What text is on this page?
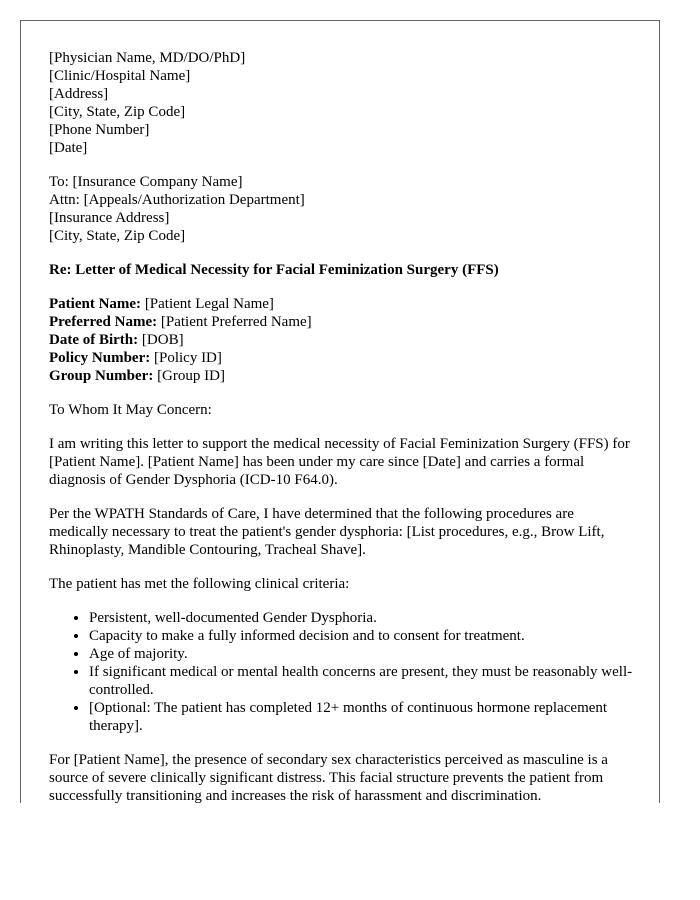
[Physician Name, MD/DO/PhD]
[Clinic/Hospital Name]
[Address]
[City, State, Zip Code]
[Phone Number]
[Date]
To: [Insurance Company Name]
Attn: [Appeals/Authorization Department]
[Insurance Address]
[City, State, Zip Code]
Re: Letter of Medical Necessity for Facial Feminization Surgery (FFS)
Patient Name: [Patient Legal Name]
Preferred Name: [Patient Preferred Name]
Date of Birth: [DOB]
Policy Number: [Policy ID]
Group Number: [Group ID]

To Whom It May Concern:

I am writing this letter to support the medical necessity of Facial Feminization Surgery (FFS) for [Patient Name]. [Patient Name] has been under my care since [Date] and carries a formal diagnosis of Gender Dysphoria (ICD-10 F64.0).

Per the WPATH Standards of Care, I have determined that the following procedures are medically necessary to treat the patient's gender dysphoria: [List procedures, e.g., Brow Lift, Rhinoplasty, Mandible Contouring, Tracheal Shave].

The patient has met the following clinical criteria:

• Persistent, well-documented Gender Dysphoria.
• Capacity to make a fully informed decision and to consent for treatment.
• Age of majority.
• If significant medical or mental health concerns are present, they must be reasonably well-controlled.
• [Optional: The patient has completed 12+ months of continuous hormone replacement therapy].

For [Patient Name], the presence of secondary sex characteristics perceived as masculine is a source of severe clinically significant distress. This facial structure prevents the patient from successfully transitioning and increases the risk of harassment and discrimination.
